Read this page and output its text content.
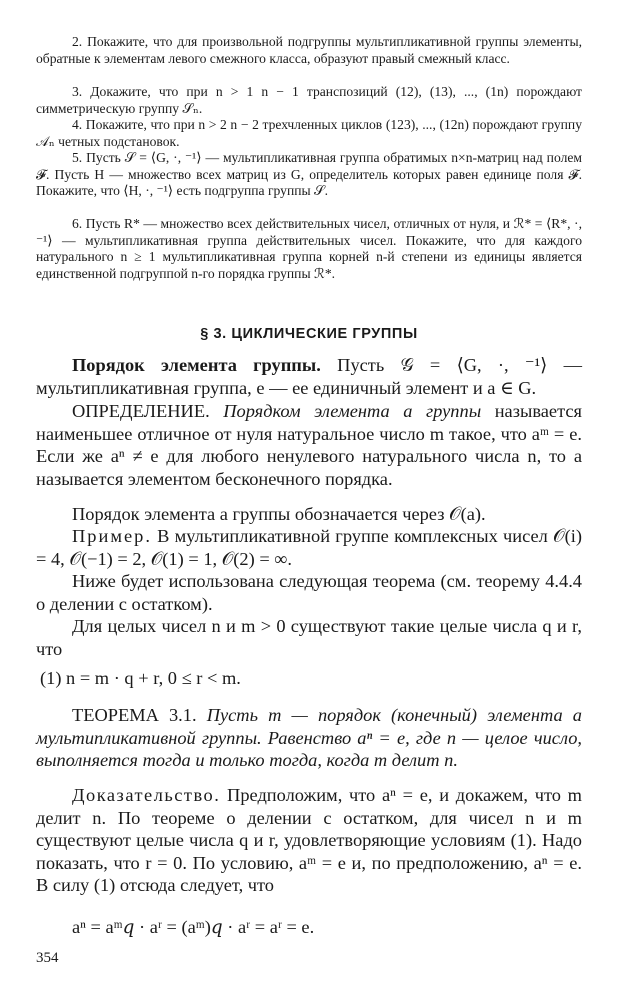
2. Покажите, что для произвольной подгруппы мультипликативной группы элементы, обратные к элементам левого смежного класса, образуют правый смежный класс.

3. Докажите, что при n > 1 n − 1 транспозиций (12), (13), ..., (1n) порождают симметрическую группу 𝒮ₙ.

4. Покажите, что при n > 2 n − 2 трехчленных циклов (123), ..., (12n) порождают группу 𝒜ₙ четных подстановок.

5. Пусть 𝒮 = ⟨G, ·, ⁻¹⟩ — мультипликативная группа обратимых n×n-матриц над полем 𝓕. Пусть H — множество всех матриц из G, определитель которых равен единице поля 𝓕. Покажите, что ⟨H, ·, ⁻¹⟩ есть подгруппа группы 𝒮.

6. Пусть R* — множество всех действительных чисел, отличных от нуля, и ℛ* = ⟨R*, ·, ⁻¹⟩ — мультипликативная группа действительных чисел. Покажите, что для каждого натурального n ≥ 1 мультипликативная группа корней n-й степени из единицы является единственной подгруппой n-го порядка группы ℛ*.

§ 3. ЦИКЛИЧЕСКИЕ ГРУППЫ

Порядок элемента группы. Пусть 𝒢 = ⟨G, ·, ⁻¹⟩ — мультипликативная группа, e — ее единичный элемент и a ∈ G.

ОПРЕДЕЛЕНИЕ. Порядком элемента a группы называется наименьшее отличное от нуля натуральное число m такое, что aᵐ = e. Если же aⁿ ≠ e для любого ненулевого натурального числа n, то a называется элементом бесконечного порядка.

Порядок элемента a группы обозначается через 𝒪(a).

Пример. В мультипликативной группе комплексных чисел 𝒪(i) = 4, 𝒪(−1) = 2, 𝒪(1) = 1, 𝒪(2) = ∞.

Ниже будет использована следующая теорема (см. теорему 4.4.4 о делении с остатком).

Для целых чисел n и m > 0 существуют такие целые числа q и r, что

(1) n = m · q + r, 0 ≤ r < m.

ТЕОРЕМА 3.1. Пусть m — порядок (конечный) элемента a мультипликативной группы. Равенство aⁿ = e, где n — целое число, выполняется тогда и только тогда, когда m делит n.

Доказательство. Предположим, что aⁿ = e, и докажем, что m делит n. По теореме о делении с остатком, для чисел n и m существуют целые числа q и r, удовлетворяющие условиям (1). Надо показать, что r = 0. По условию, aᵐ = e и, по предположению, aⁿ = e. В силу (1) отсюда следует, что

aⁿ = aᵐ𝑞 · aʳ = (aᵐ)𝑞 · aʳ = aʳ = e.

354
